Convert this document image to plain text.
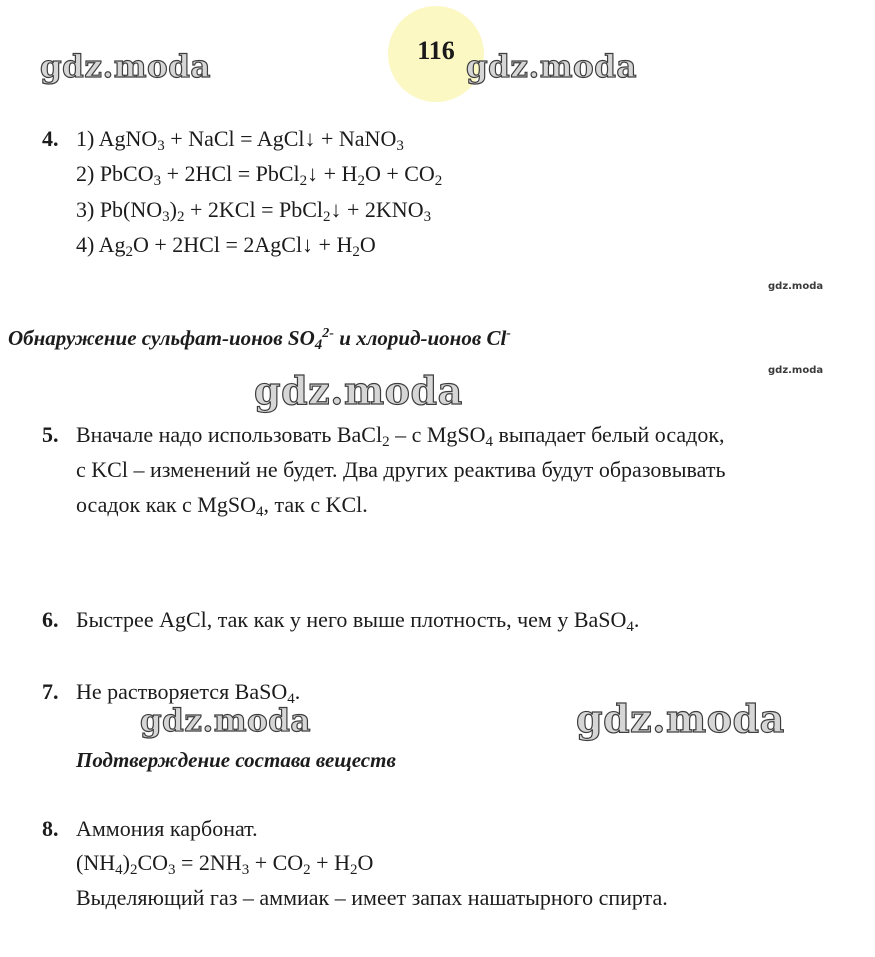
116
gdz.moda	gdz.moda
gdz.moda
gdz.moda
gdz.moda
gdz.moda	gdz.moda
4. 1) AgNO$_3$ + NaCl = AgCl↓ + NaNO$_3$
2) PbCO$_3$ + 2HCl = PbCl$_2$↓ + $H_2O + CO_2$
3) $Pb(NO_3)_2 + 2KCl$ = PbCl$_2$↓ + $2KNO_3$
4) $Ag_2O + 2HCl$ = 2AgCl↓ + $H_2O$
Обнаружение сульфат-ионов $SO_4^{2-}$ и хлорид-ионов Cl-
5. Вначале надо использовать BaCl$_2$ – с MgSO$_4$ выпадает белый осадок,
с KCl – изменений не будет. Два других реактива будут образовывать
осадок как с MgSO$_4$, так с KCl.
6. Быстрее AgCl, так как у него выше плотность, чем у BaSO$_4$.
7. Не растворяется BaSO$_4$.
Подтверждение состава веществ
8. Аммония карбонат.
$(NH_4)_2CO_3 = 2NH_3 + CO_2 + H_2O$
Выделяющий газ – аммиак – имеет запах нашатырного спирта.
